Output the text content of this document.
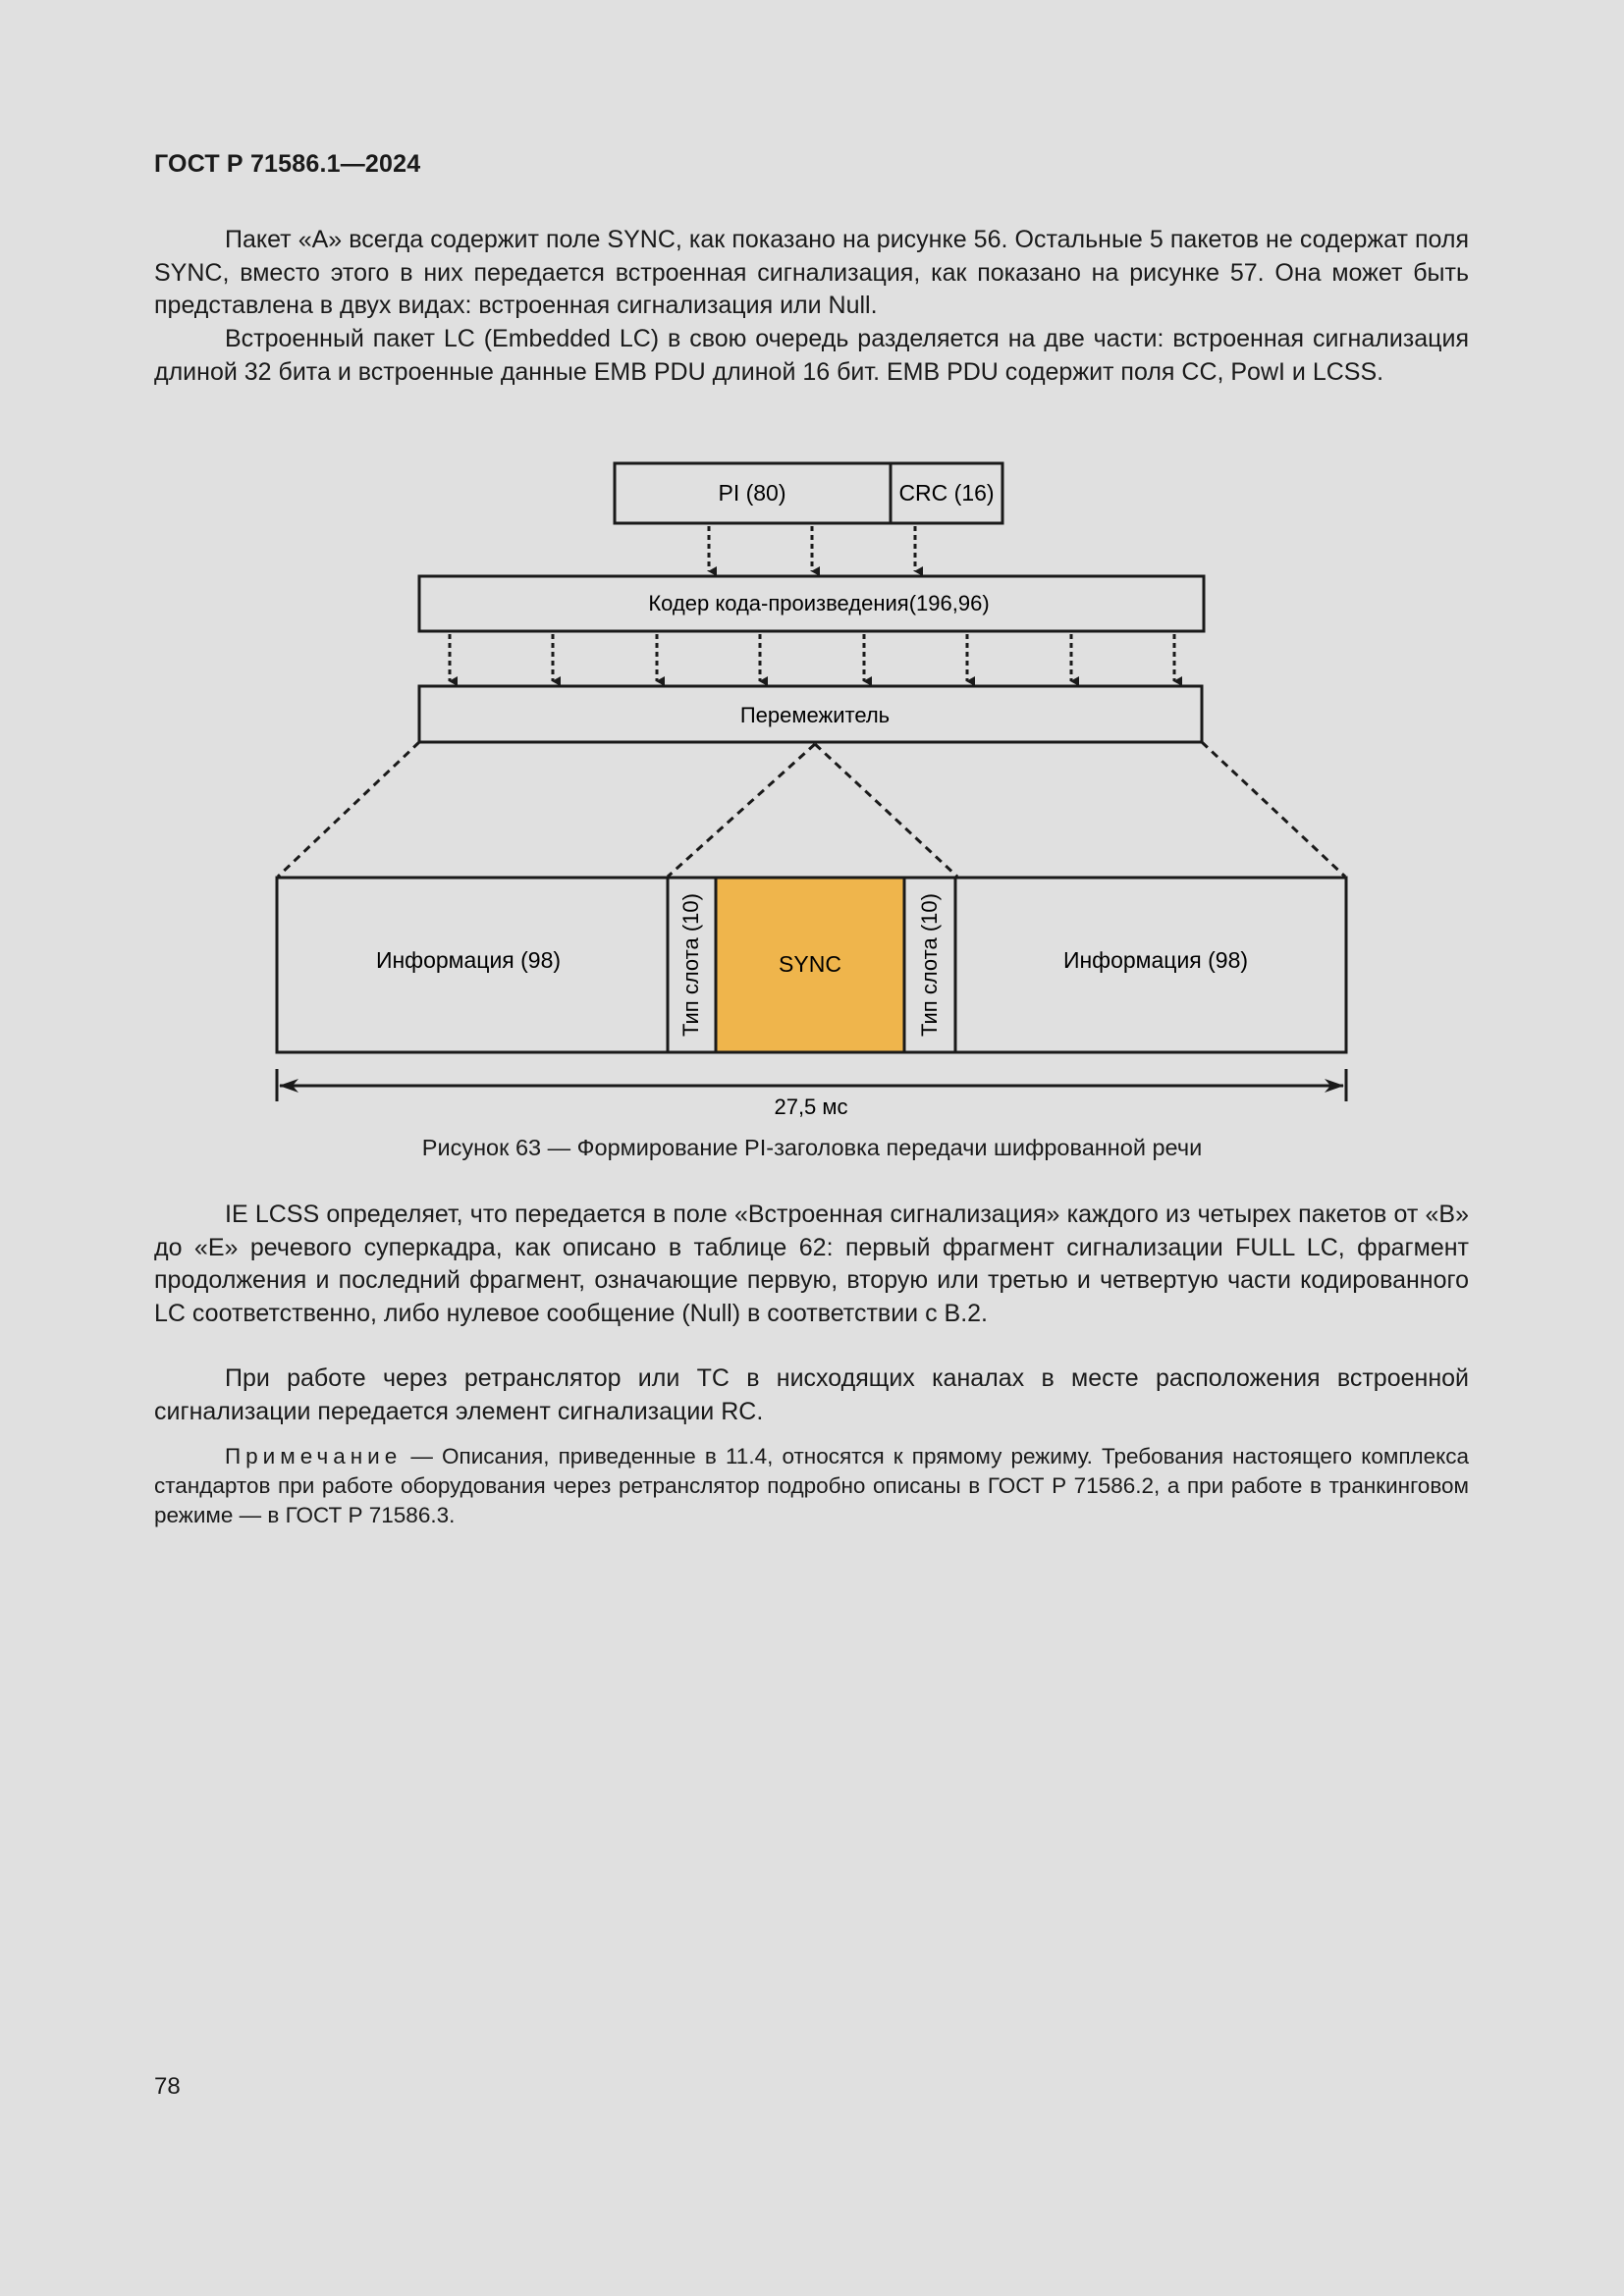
ГОСТ Р 71586.1—2024
Пакет «А» всегда содержит поле SYNC, как показано на рисунке 56. Остальные 5 пакетов не содержат поля SYNC, вместо этого в них передается встроенная сигнализация, как показано на рисунке 57. Она может быть представлена в двух видах: встроенная сигнализация или Null.
Встроенный пакет LC (Embedded LC) в свою очередь разделяется на две части: встроенная сигнализация длиной 32 бита и встроенные данные EMB PDU длиной 16 бит. EMB PDU содержит поля CC, PowI и LCSS.
PI (80)	CRC (16)
Кодер кода-произведения(196,96)
Перемежитель
Информация (98)	Тип слота (10)	SYNC	Тип слота (10)	Информация (98)
27,5 мс
Рисунок 63 — Формирование PI-заголовка передачи шифрованной речи
IE LCSS определяет, что передается в поле «Встроенная сигнализация» каждого из четырех пакетов от «В» до «Е» речевого суперкадра, как описано в таблице 62: первый фрагмент сигнализации FULL LC, фрагмент продолжения и последний фрагмент, означающие первую, вторую или третью и четвертую части кодированного LC соответственно, либо нулевое сообщение (Null) в соответствии с В.2.
При работе через ретранслятор или ТС в нисходящих каналах в месте расположения встроенной сигнализации передается элемент сигнализации RC.
Примечание — Описания, приведенные в 11.4, относятся к прямому режиму. Требования настоящего комплекса стандартов при работе оборудования через ретранслятор подробно описаны в ГОСТ Р 71586.2, а при работе в транкинговом режиме — в ГОСТ Р 71586.3.
78
